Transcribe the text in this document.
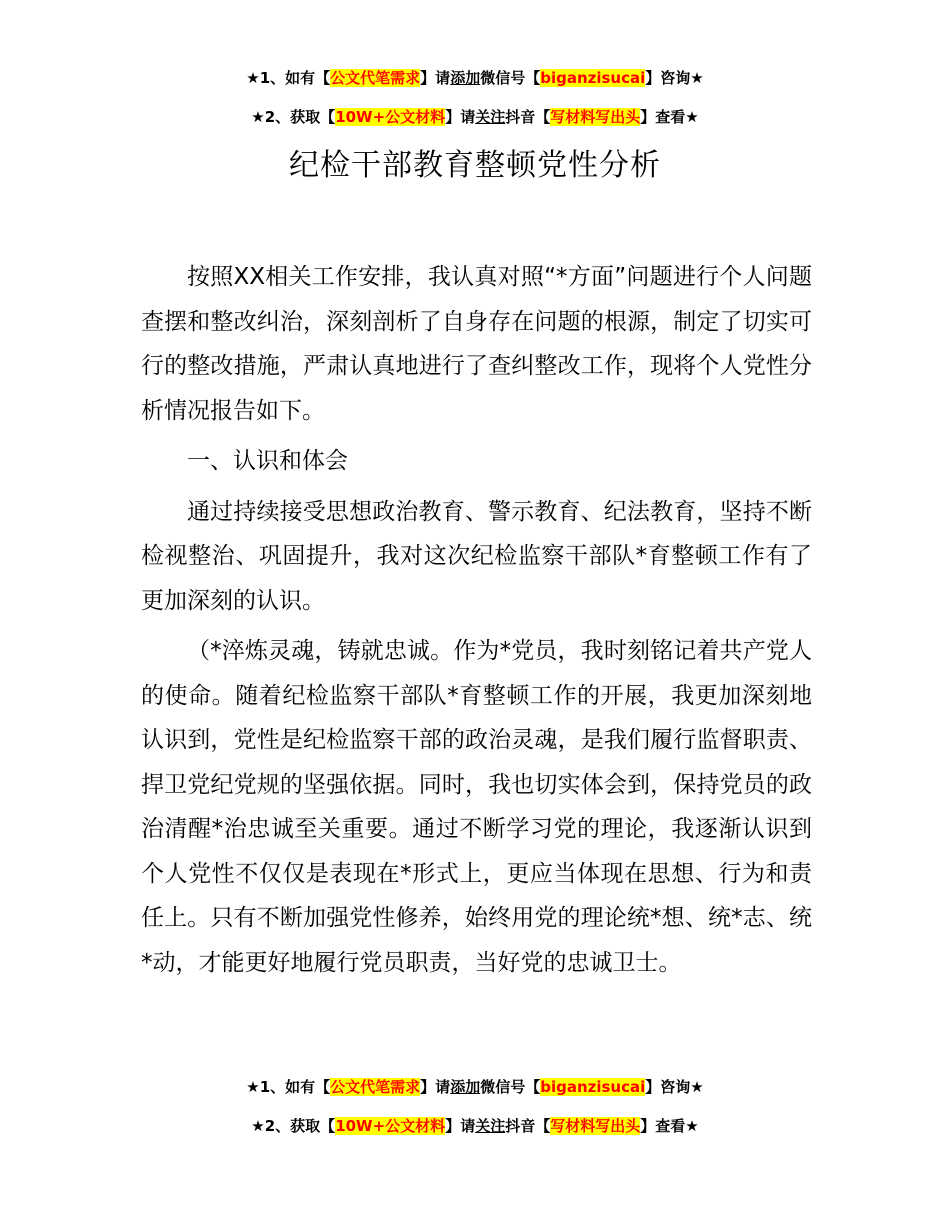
★1、如有【公文代笔需求】请添加微信号【biganzisucai】咨询★
★2、获取【10W+公文材料】请关注抖音【写材料写出头】查看★
纪检干部教育整顿党性分析

按照XX相关工作安排，我认真对照“*方面”问题进行个人问题查摆和整改纠治，深刻剖析了自身存在问题的根源，制定了切实可行的整改措施，严肃认真地进行了查纠整改工作，现将个人党性分析情况报告如下。

一、认识和体会

通过持续接受思想政治教育、警示教育、纪法教育，坚持不断检视整治、巩固提升，我对这次纪检监察干部队*育整顿工作有了更加深刻的认识。

（*淬炼灵魂，铸就忠诚。作为*党员，我时刻铭记着共产党人的使命。随着纪检监察干部队*育整顿工作的开展，我更加深刻地认识到，党性是纪检监察干部的政治灵魂，是我们履行监督职责、捍卫党纪党规的坚强依据。同时，我也切实体会到，保持党员的政治清醒*治忠诚至关重要。通过不断学习党的理论，我逐渐认识到个人党性不仅仅是表现在*形式上，更应当体现在思想、行为和责任上。只有不断加强党性修养，始终用党的理论统*想、统*志、统*动，才能更好地履行党员职责，当好党的忠诚卫士。

★1、如有【公文代笔需求】请添加微信号【biganzisucai】咨询★
★2、获取【10W+公文材料】请关注抖音【写材料写出头】查看★
